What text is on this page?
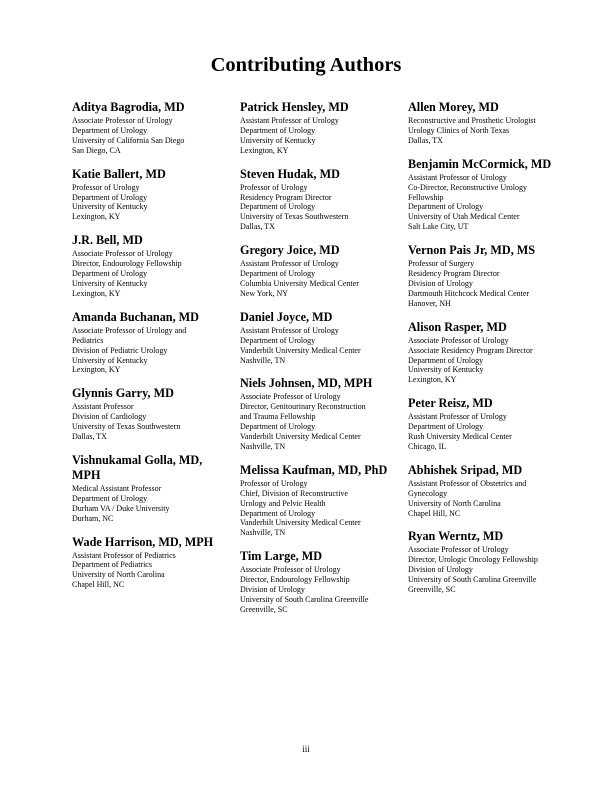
Contributing Authors
Aditya Bagrodia, MD
Associate Professor of Urology
Department of Urology
University of California San Diego
San Diego, CA
Katie Ballert, MD
Professor of Urology
Department of Urology
University of Kentucky
Lexington, KY
J.R. Bell, MD
Associate Professor of Urology
Director, Endourology Fellowship
Department of Urology
University of Kentucky
Lexington, KY
Amanda Buchanan, MD
Associate Professor of Urology and
Pediatrics
Division of Pediatric Urology
University of Kentucky
Lexington, KY
Glynnis Garry, MD
Assistant Professor
Division of Cardiology
University of Texas Southwestern
Dallas, TX
Vishnukamal Golla, MD, MPH
Medical Assistant Professor
Department of Urology
Durham VA / Duke University
Durham, NC
Wade Harrison, MD, MPH
Assistant Professor of Pediatrics
Department of Pediatrics
University of North Carolina
Chapel Hill, NC
Patrick Hensley, MD
Assistant Professor of Urology
Department of Urology
University of Kentucky
Lexington, KY
Steven Hudak, MD
Professor of Urology
Residency Program Director
Department of Urology
University of Texas Southwestern
Dallas, TX
Gregory Joice, MD
Assistant Professor of Urology
Department of Urology
Columbia University Medical Center
New York, NY
Daniel Joyce, MD
Assistant Professor of Urology
Department of Urology
Vanderbilt University Medical Center
Nashville, TN
Niels Johnsen, MD, MPH
Associate Professor of Urology
Director, Genitourinary Reconstruction
and Trauma Fellowship
Department of Urology
Vanderbilt University Medical Center
Nashville, TN
Melissa Kaufman, MD, PhD
Professor of Urology
Chief, Division of Reconstructive
Urology and Pelvic Health
Department of Urology
Vanderbilt University Medical Center
Nashville, TN
Tim Large, MD
Associate Professor of Urology
Director, Endourology Fellowship
Division of Urology
University of South Carolina Greenville
Greenville, SC
Allen Morey, MD
Reconstructive and Prosthetic Urologist
Urology Clinics of North Texas
Dallas, TX
Benjamin McCormick, MD
Assistant Professor of Urology
Co-Director, Reconstructive Urology
Fellowship
Department of Urology
University of Utah Medical Center
Salt Lake City, UT
Vernon Pais Jr, MD, MS
Professor of Surgery
Residency Program Director
Division of Urology
Dartmouth Hitchcock Medical Center
Hanover, NH
Alison Rasper, MD
Associate Professor of Urology
Associate Residency Program Director
Department of Urology
University of Kentucky
Lexington, KY
Peter Reisz, MD
Assistant Professor of Urology
Department of Urology
Rush University Medical Center
Chicago, IL
Abhishek Sripad, MD
Assistant Professor of Obstetrics and
Gynecology
University of North Carolina
Chapel Hill, NC
Ryan Werntz, MD
Associate Professor of Urology
Director, Urologic Oncology Fellowship
Division of Urology
University of South Carolina Greenville
Greenville, SC
iii
